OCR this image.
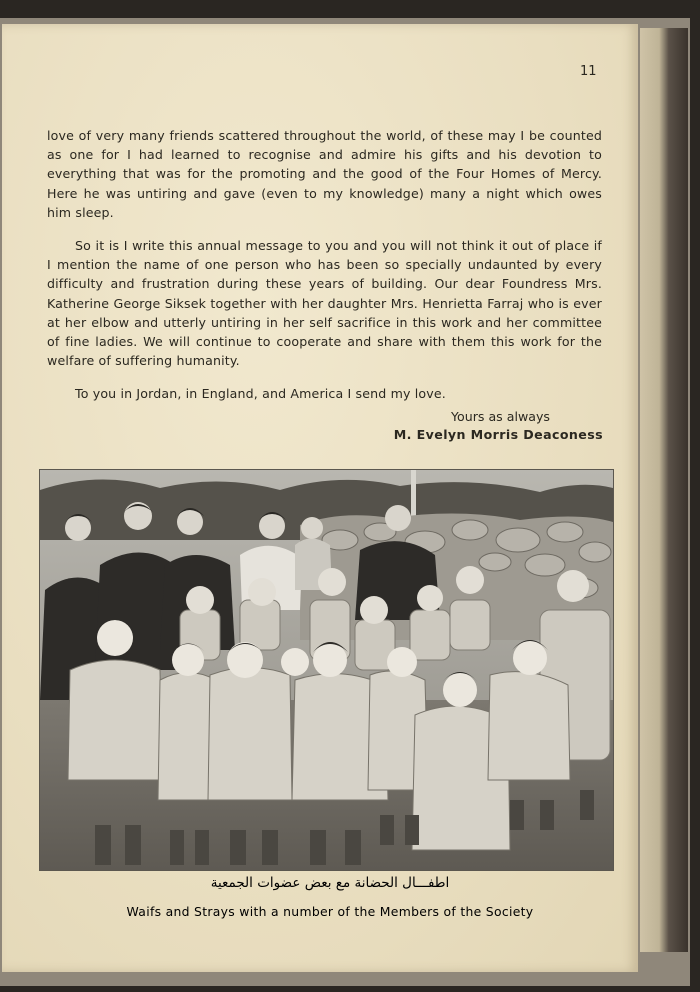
11

love of very many friends scattered throughout the world, of these may I be counted as one for I had learned to recognise and admire his gifts and his devotion to everything that was for the promoting and the good of the Four Homes of Mercy. Here he was untiring and gave (even to my knowledge) many a night which owes him sleep.

So it is I write this annual message to you and you will not think it out of place if I mention the name of one person who has been so specially undaunted by every difficulty and frustration during these years of building. Our dear Foundress Mrs. Katherine George Siksek together with her daughter Mrs. Henrietta Farraj who is ever at her elbow and utterly untiring in her self sacrifice in this work and her committee of fine ladies. We will continue to cooperate and share with them this work for the welfare of suffering humanity.

To you in Jordan, in England, and America I send my love.

Yours as always
M. Evelyn Morris Deaconess
اطفـــال الحضانة مع بعض عضوات الجمعية
Waifs and Strays with a number of the Members of the Society
